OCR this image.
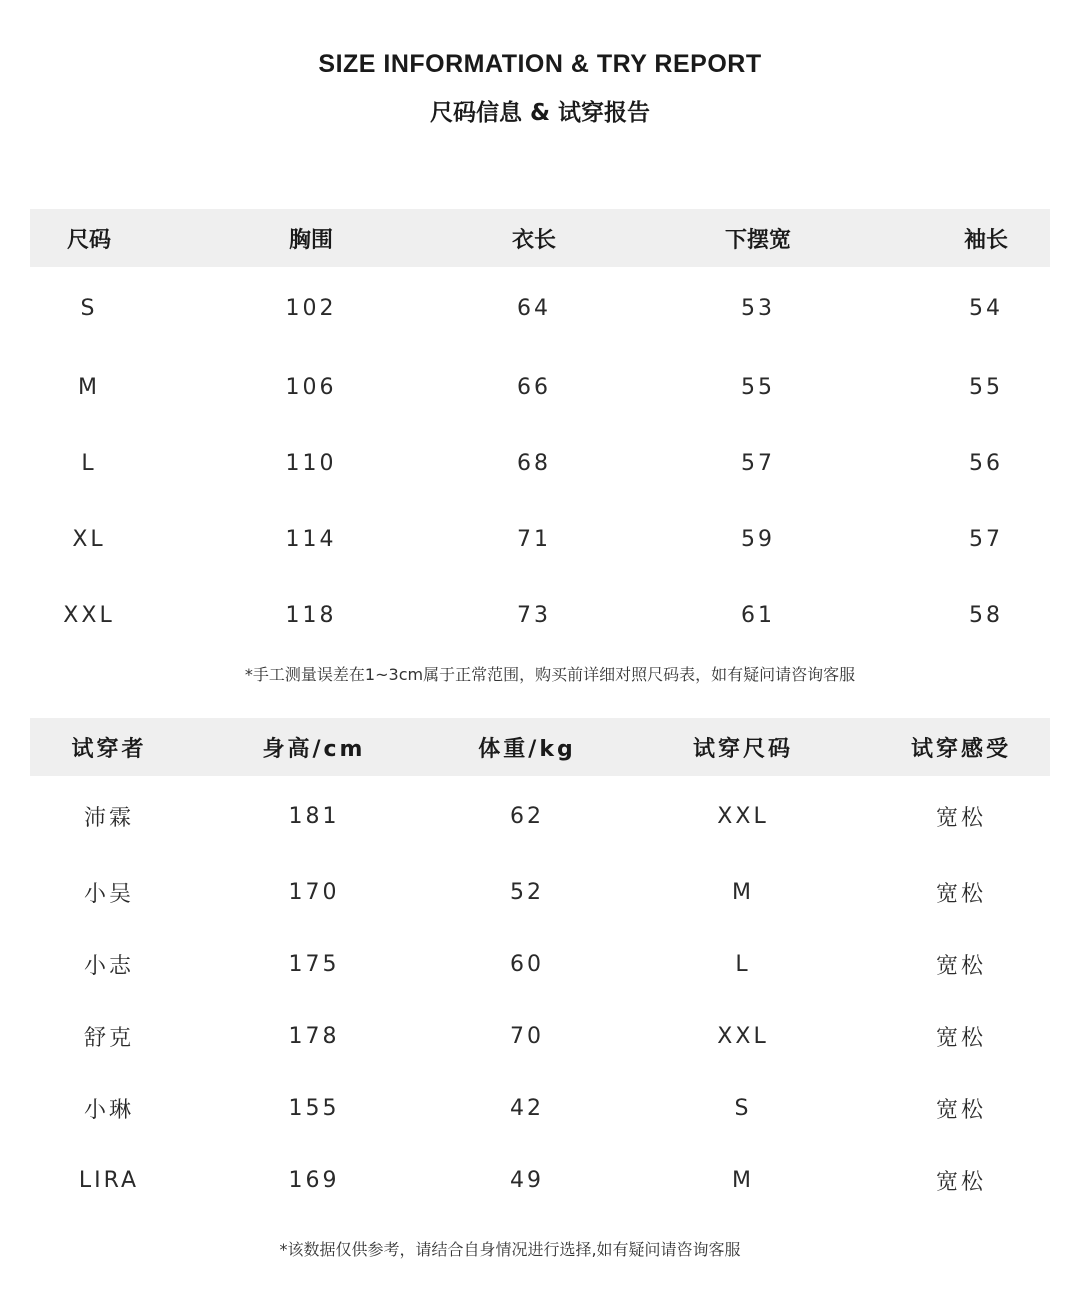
SIZE INFORMATION & TRY REPORT
尺码信息 & 试穿报告
尺码	胸围	衣长	下摆宽	袖长
S	102	64	53	54
M	106	66	55	55
L	110	68	57	56
XL	114	71	59	57
XXL	118	73	61	58
*手工测量误差在1~3cm属于正常范围，购买前详细对照尺码表，如有疑问请咨询客服
试穿者	身高/cm	体重/kg	试穿尺码	试穿感受
沛霖	181	62	XXL	宽松
小吴	170	52	M	宽松
小志	175	60	L	宽松
舒克	178	70	XXL	宽松
小琳	155	42	S	宽松
LIRA	169	49	M	宽松
*该数据仅供参考，请结合自身情况进行选择,如有疑问请咨询客服
